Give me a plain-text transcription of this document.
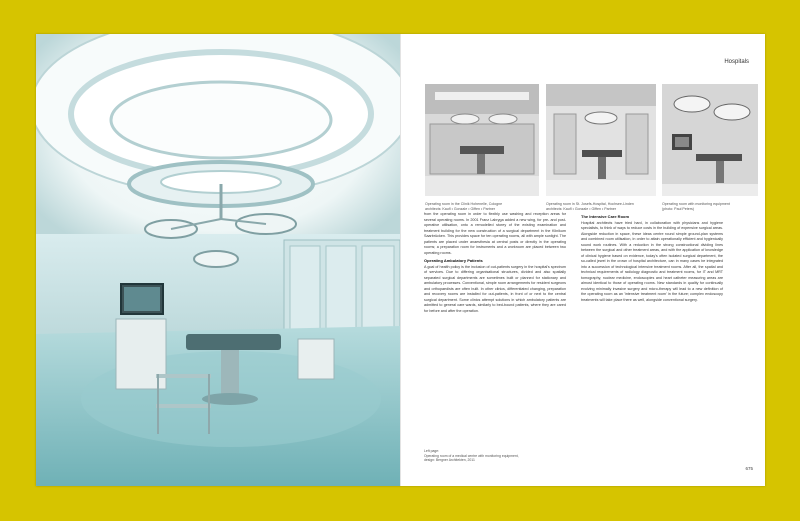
Hospitals
Operating room in the Clinik Hohenelle, Cologne
architects: Kaufl • Gonzale • Giffen • Partner
Operating room in St. Josefs-Hospital, Hochsee-Linden
architects: Kaufl • Gonzale • Giffen • Partner
Operating room with monitoring equipment
(photo: Paul Peters)

from the operating room in order to flexibly use washing and reception areas for several operating rooms. In 2001 Franz Labryga added a new wing, for pre- and post-operative utilisation, onto a remodelled storey of the existing examination and treatment building for the new construction of a surgical department in the Klinikum Saarbrücken. This provides space for ten operating rooms, all with ample sunlight. The patients are placed under anaesthesia at central posts or directly in the operating rooms; a preparation room for instruments and a workroom are placed between two operating rooms.

Operating Ambulatory Patients

A goal of health policy is the inclusion of out-patients surgery in the hospital's spectrum of services. Due to differing organisational structures, divided and also spatially separated surgical departments are sometimes built or planned for stationary and ambulatory processes. Conventional, simple room arrangements for resident surgeons and orthopaedists are often built. In other clinics, differentiated changing, preparation and recovery rooms are installed for out-patients, in front of or next to the central surgical department. Some clinics attempt solutions in which ambulatory patients are admitted to general care wards, similarly to bed-bound patients, where they are cared for before and after the operation.

The Intensive Care Room

Hospital architects have tried hard, in collaboration with physicians and hygiene specialists, to think of ways to reduce costs in the building of expensive surgical areas. Alongside reduction in space, these ideas centre round simple ground-plan systems and combined room utilisation, in order to attain operationally efficient and hygienically sound work routines. With a reduction in the strong constructional dividing lines between the surgical and other treatment areas, and with the application of knowledge of clinical hygiene based on evidence, today's often isolated surgical department, the so-called jewel in the crown of hospital architecture, can in many cases be integrated into a succession of technological intensive treatment rooms. After all, the spatial and technical requirements of radiology diagnostic and treatment rooms, for IT and MRT tomography, nuclear medicine, endoscopies and heart catheter measuring areas are almost identical to those of operating rooms. New standards in quality for continually evolving minimally invasive surgery and micro-therapy will lead to a new definition of the operating room as an 'intensive treatment room' in the future; complex endoscopy treatments will take place there as well, alongside conventional surgery.

Left page:
Operating room of a medical centre with monitoring equipment,
design: Bergner Architekten, 2011
675
